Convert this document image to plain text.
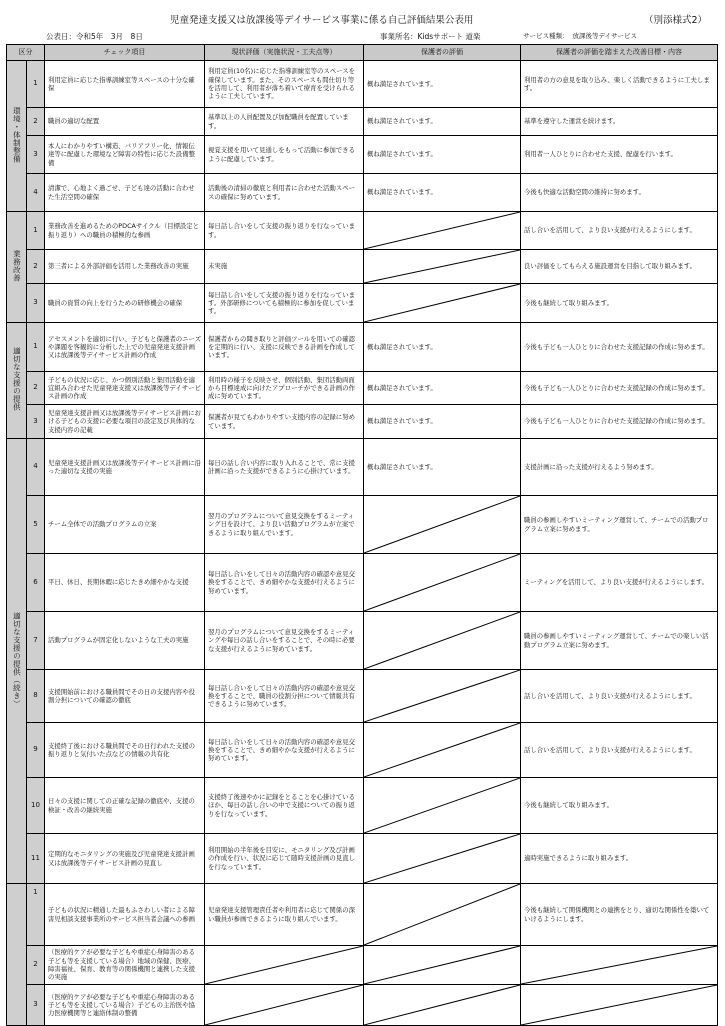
児童発達支援又は放課後等デイサービス事業に係る自己評価結果公表用	（別添様式2）
公表日：令和5年　3月　8日	事業所名：Kidsサポート 道楽	サービス種類： 放課後等デイサービス
区分		チェック項目	現状評価（実施状況・工夫点等）	保護者の評価	保護者の評価を踏まえた改善目標・内容
環境・体制整備	1	利用定員に応じた指導訓練室等スペースの十分な確保	利用定員(10名)に応じた指導訓練室等のスペースを確保しています。また、そのスペースも間仕切り等を活用して、利用者が落ち着いて療育を受けられるように工夫しています。	概ね満足されています。	利用者の方の意見を取り込み、楽しく活動できるように工夫します。
	2	職員の適切な配置	基準以上の人員配置及び加配職員を配置しています。	概ね満足されています。	基準を遵守した運営を続けます。
	3	本人にわかりやすい構造、バリアフリー化、情報伝達等に配慮した環境など障害の特性に応じた設備整備	視覚支援を用いて見通しをもって活動に参加できるように配慮しています。	概ね満足されています。	利用者一人ひとりに合わせた支援、配慮を行います。
	4	清潔で、心地よく過ごせ、子ども達の活動に合わせた生活空間の確保	活動後の清掃の徹底と利用者に合わせた活動スペースの確保に努めています。	概ね満足されています。	今後も快適な活動空間の維持に努めます。
業務改善	1	業務改善を進めるためのPDCAサイクル（目標設定と振り返り）への職員の積極的な参画	毎日話し合いをして支援の振り返りを行なっています。		話し合いを活用して、より良い支援が行えるようにします。
	2	第三者による外部評価を活用した業務改善の実施	未実施		良い評価をしてもらえる施設運営を目指して取り組みます。
	3	職員の資質の向上を行うための研修機会の確保	毎日話し合いをして支援の振り返りを行なっています。外部研修についても積極的に参加を促しています。		今後も継続して取り組みます。
適切な支援の提供	1	アセスメントを適切に行い、子どもと保護者のニーズや課題を客観的に分析した上での児童発達支援計画又は放課後等デイサービス計画の作成	保護者からの聞き取りと評価ツールを用いての確認を定期的に行い、支援に反映できる計画を作成しています。	概ね満足されています。	今後も子ども一人ひとりに合わせた支援記録の作成に努めます。
	2	子どもの状況に応じ、かつ個別活動と集団活動を適宜組み合わせた児童発達支援又は放課後等デイサービス計画の作成	利用時の様子を反映させ、個別活動、集団活動両面から目標達成に向けたアプローチができる計画の作成に努めています。	概ね満足されています。	今後も子ども一人ひとりに合わせた支援記録の作成に努めます。
	3	児童発達支援計画又は放課後等デイサービス計画における子どもの支援に必要な項目の設定及び具体的な支援内容の記載	保護者が見てもわかりやすい支援内容の記録に努めています。	概ね満足されています。	今後も子ども一人ひとりに合わせた支援記録の作成に努めます。
適切な支援の提供（続き）	4	児童発達支援計画又は放課後等デイサービス計画に沿った適切な支援の実施	毎日の話し合い内容に取り入れることで、常に支援計画に沿った支援ができるように心掛けています。	概ね満足されています。	支援計画に沿った支援が行えるよう努めます。
	5	チーム全体での活動プログラムの立案	翌月のプログラムについて意見交換をするミーティング日を設けて、より良い活動プログラムが立案できるように取り組んでいます。		職員の参画しやすいミーティング運営して、チームでの活動プログラム立案に努めます。
	6	平日、休日、長期休暇に応じたきめ細やかな支援	毎日話し合いをして日々の活動内容の確認や意見交換をすることで、きめ細やかな支援が行えるように努めています。		ミーティングを活用して、より良い支援が行えるようにします。
	7	活動プログラムが固定化しないような工夫の実施	翌月のプログラムについて意見交換をするミーティングや毎日の話し合いをすることで、その時に必要な支援が行えるように努めています。		職員の参画しやすいミーティング運営して、チームでの楽しい活動プログラム立案に努めます。
	8	支援開始前における職員間でその日の支援内容や役割分担についての確認の徹底	毎日話し合いをして日々の活動内容の確認や意見交換をすることで、職員の役割分担について情報共有できるように努めています。		話し合いを活用して、より良い支援が行えるようにします。
	9	支援終了後における職員間でその日行われた支援の振り返りと気付いた点などの情報の共有化	毎日話し合いをして日々の活動内容の確認や意見交換をすることで、きめ細やかな支援が行えるように努めています。		話し合いを活用して、より良い支援が行えるようにします。
	10	日々の支援に関しての正確な記録の徹底や、支援の検証・改善の継続実施	支援終了後速やかに記録をとることを心掛けているほか、毎日の話し合いの中で支援についての振り返りを行なっています。		今後も継続して取り組みます。
	11	定期的なモニタリングの実施及び児童発達支援計画又は放課後等デイサービス計画の見直し	利用開始の半年後を目安に、モニタリング及び計画の作成を行い、状況に応じて随時支援計画の見直しを行なっています。		適時実施できるように取り組みます。
	1	子どもの状況に精通した最もふさわしい者による障害児相談支援事業所のサービス担当者会議への参画	児童発達支援管理責任者や利用者に応じて関係の深い職員が参画できるように取り組んでいます。		今後も継続して関係機関との連携をとり、適切な関係性を築いていけるようにします。
	2	（医療的ケアが必要な子どもや重症心身障害のある子ども等を支援している場合）地域の保健、医療、障害福祉、保育、教育等の関係機関と連携した支援の実施	

	3	（医療的ケアが必要な子どもや重症心身障害のある子ども等を支援している場合）子どもの主治医や協力医療機関等と連絡体制の整備	
